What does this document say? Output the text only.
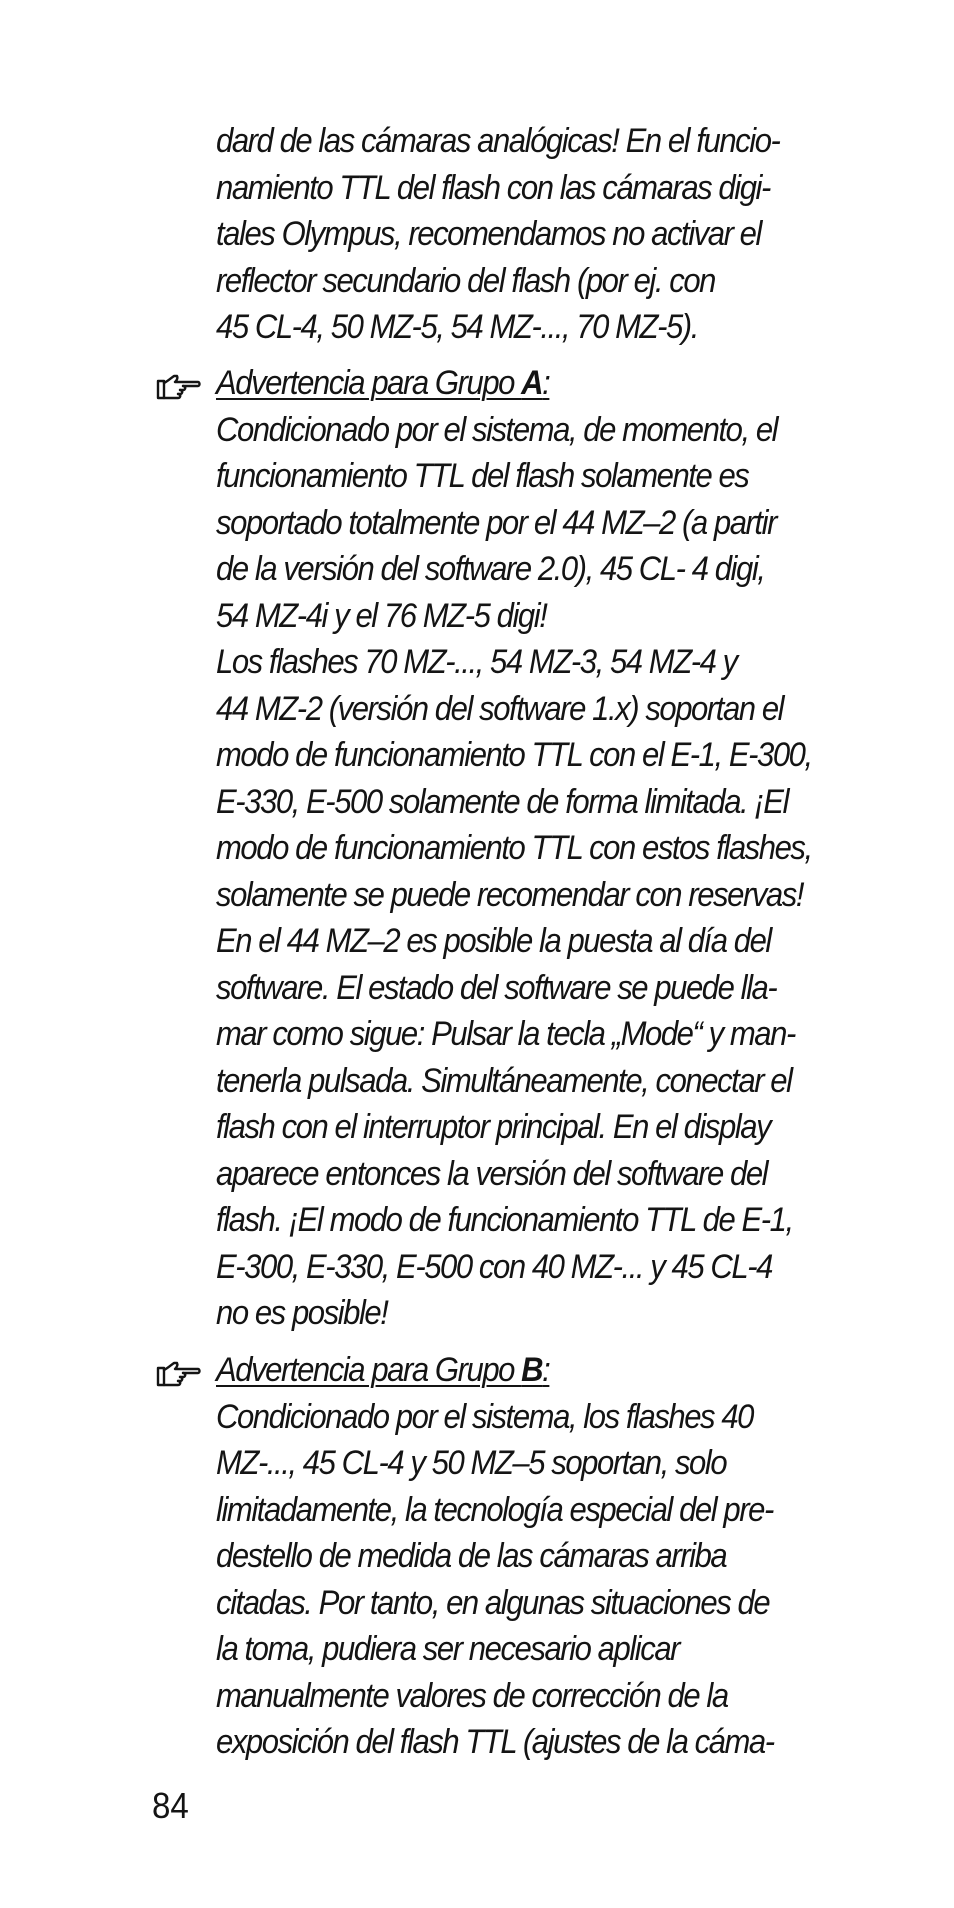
dard de las cámaras analógicas! En el funcio-
namiento TTL del flash con las cámaras digi-
tales Olympus, recomendamos no activar el
reflector secundario del flash (por ej. con
45 CL-4, 50 MZ-5, 54 MZ-..., 70 MZ-5).
Advertencia para Grupo A:
Condicionado por el sistema, de momento, el
funcionamiento TTL del flash solamente es
soportado totalmente por el 44 MZ–2 (a partir
de la versión del software 2.0), 45 CL- 4 digi,
54 MZ-4i y el 76 MZ-5 digi!
Los flashes 70 MZ-..., 54 MZ-3, 54 MZ-4 y
44 MZ-2 (versión del software 1.x) soportan el
modo de funcionamiento TTL con el E-1, E-300,
E-330, E-500 solamente de forma limitada. ¡El
modo de funcionamiento TTL con estos flashes,
solamente se puede recomendar con reservas!
En el 44 MZ–2 es posible la puesta al día del
software. El estado del software se puede lla-
mar como sigue: Pulsar la tecla „Mode“ y man-
tenerla pulsada. Simultáneamente, conectar el
flash con el interruptor principal. En el display
aparece entonces la versión del software del
flash. ¡El modo de funcionamiento TTL de E-1,
E-300, E-330, E-500 con 40 MZ-... y 45 CL-4
no es posible!
Advertencia para Grupo B:
Condicionado por el sistema, los flashes 40
MZ-..., 45 CL-4 y 50 MZ–5 soportan, solo
limitadamente, la tecnología especial del pre-
destello de medida de las cámaras arriba
citadas. Por tanto, en algunas situaciones de
la toma, pudiera ser necesario aplicar
manualmente valores de corrección de la
exposición del flash TTL (ajustes de la cáma-
84
